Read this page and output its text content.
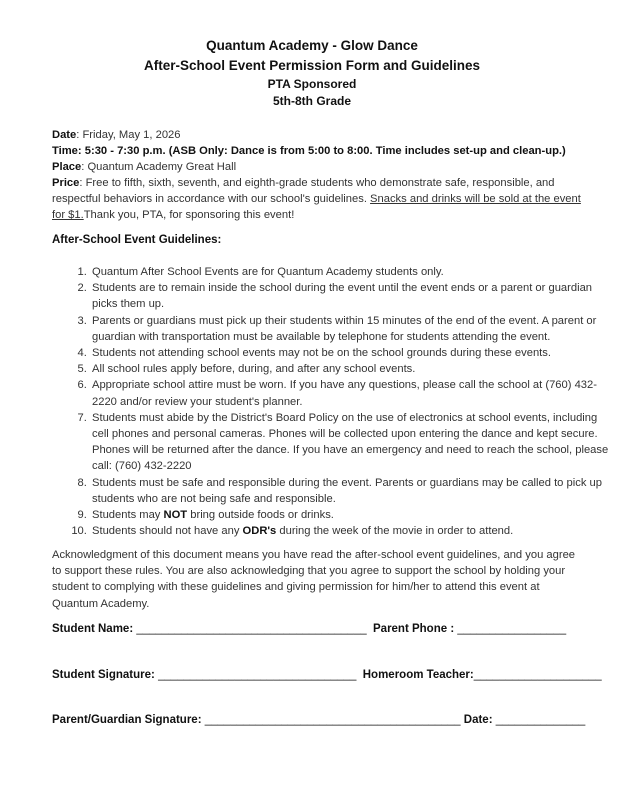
Quantum Academy - Glow Dance
After-School Event Permission Form and Guidelines
PTA Sponsored
5th-8th Grade
Date: Friday, May 1, 2026
Time: 5:30 - 7:30 p.m. (ASB Only: Dance is from 5:00 to 8:00. Time includes set-up and clean-up.)
Place: Quantum Academy Great Hall
Price: Free to fifth, sixth, seventh, and eighth-grade students who demonstrate safe, responsible, and respectful behaviors in accordance with our school's guidelines. Snacks and drinks will be sold at the event for $1.Thank you, PTA, for sponsoring this event!
After-School Event Guidelines:
1. Quantum After School Events are for Quantum Academy students only.
2. Students are to remain inside the school during the event until the event ends or a parent or guardian picks them up.
3. Parents or guardians must pick up their students within 15 minutes of the end of the event. A parent or guardian with transportation must be available by telephone for students attending the event.
4. Students not attending school events may not be on the school grounds during these events.
5. All school rules apply before, during, and after any school events.
6. Appropriate school attire must be worn. If you have any questions, please call the school at (760) 432-2220 and/or review your student's planner.
7. Students must abide by the District's Board Policy on the use of electronics at school events, including cell phones and personal cameras. Phones will be collected upon entering the dance and kept secure. Phones will be returned after the dance. If you have an emergency and need to reach the school, please call: (760) 432-2220
8. Students must be safe and responsible during the event. Parents or guardians may be called to pick up students who are not being safe and responsible.
9. Students may NOT bring outside foods or drinks.
10. Students should not have any ODR's during the week of the movie in order to attend.
Acknowledgment of this document means you have read the after-school event guidelines, and you agree to support these rules. You are also acknowledging that you agree to support the school by holding your student to complying with these guidelines and giving permission for him/her to attend this event at Quantum Academy.
Student Name: ____________________________________ Parent Phone : _________________
Student Signature: _______________________________ Homeroom Teacher:____________________
Parent/Guardian Signature: ________________________________________ Date: ______________
